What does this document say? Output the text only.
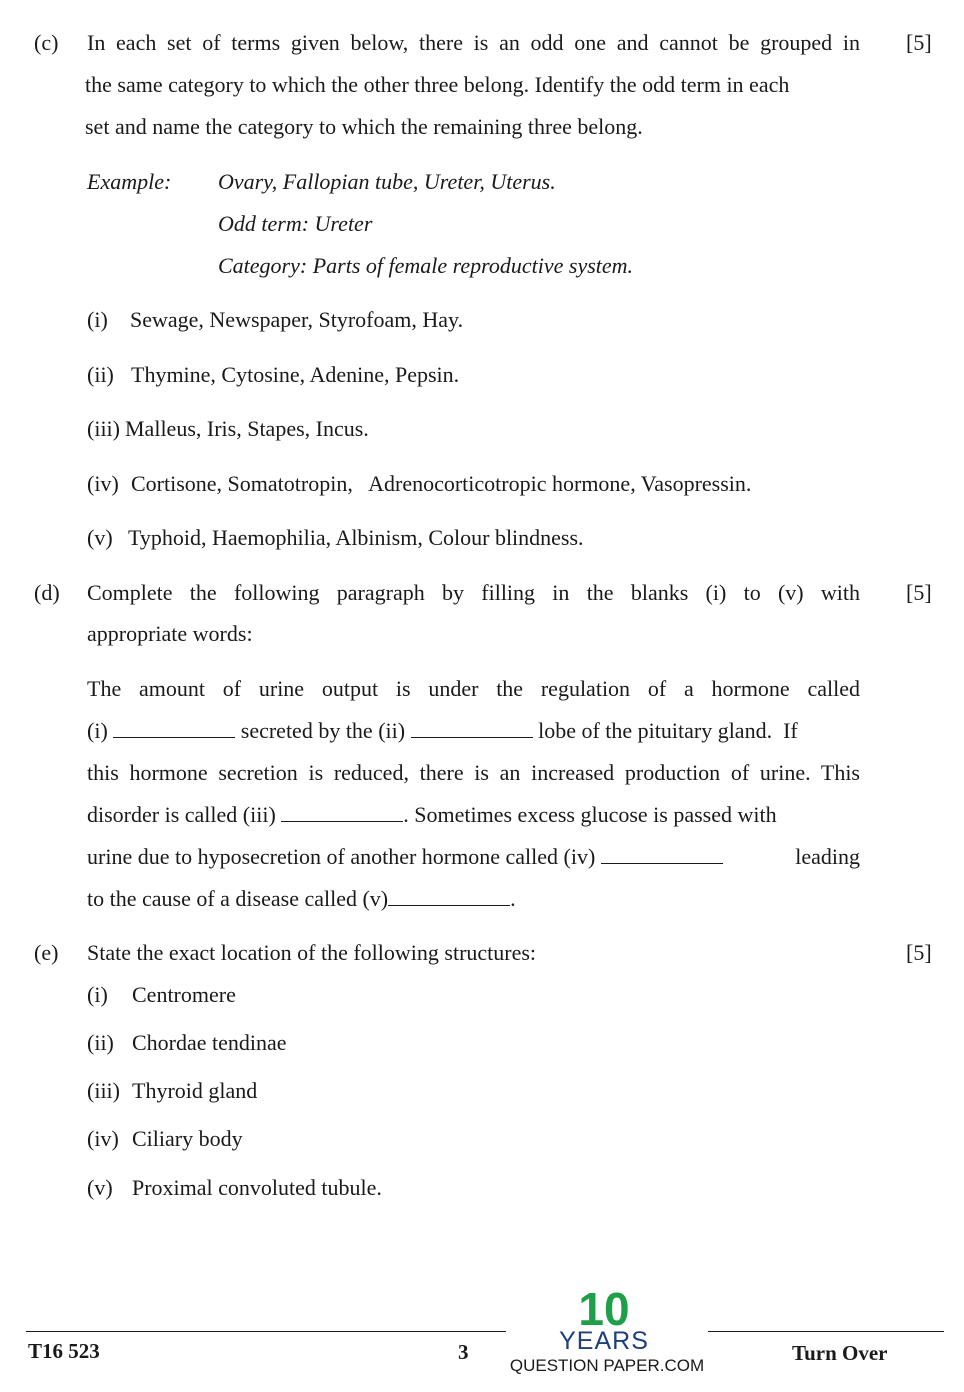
(c)	[5]
In each set of terms given below, there is an odd one and cannot be grouped in
the same category to which the other three belong. Identify the odd term in each
set and name the category to which the remaining three belong.
Example: Ovary, Fallopian tube, Ureter, Uterus.
Odd term: Ureter
Category: Parts of female reproductive system.
(i) Sewage, Newspaper, Styrofoam, Hay.
(ii) Thymine, Cytosine, Adenine, Pepsin.
(iii) Malleus, Iris, Stapes, Incus.
(iv) Cortisone, Somatotropin,   Adrenocorticotropic hormone, Vasopressin.
(v) Typhoid, Haemophilia, Albinism, Colour blindness.
(d)	[5]
Complete the following paragraph by filling in the blanks (i) to (v) with
appropriate words:
The amount of urine output is under the regulation of a hormone called
(i)	secreted by the (ii)	lobe of the pituitary gland.  If
this hormone secretion is reduced, there is an increased production of urine. This
disorder is called (iii)	. Sometimes excess glucose is passed with
urine due to hyposecretion of another hormone called (iv)	leading
to the cause of a disease called (v)	.
(e)	[5]
State the exact location of the following structures:
(i) Centromere
(ii) Chordae tendinae
(iii) Thyroid gland
(iv) Ciliary body
(v) Proximal convoluted tubule.
T16 523	3	Turn Over
10
YEARS
QUESTION PAPER.COM
